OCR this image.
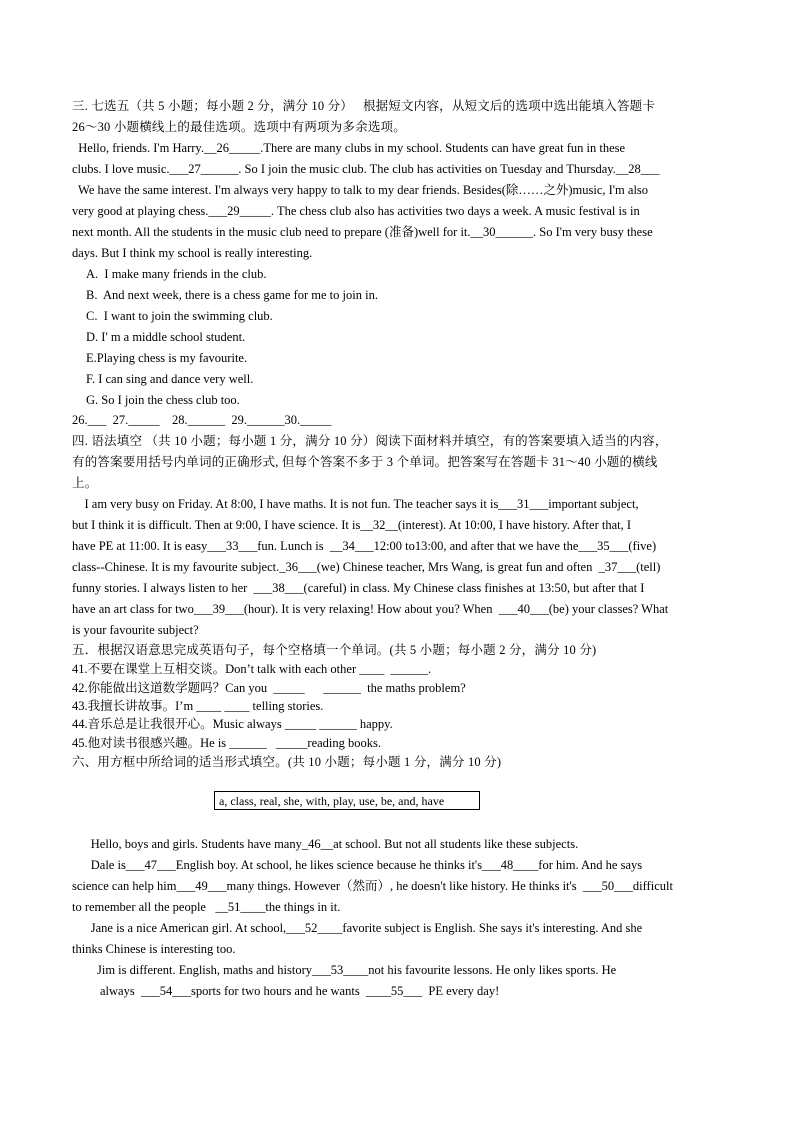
三. 七选五（共 5 小题；每小题 2 分，满分 10 分）   根据短文内容，从短文后的选项中选出能填入答题卡
26～30 小题横线上的最佳选项。选项中有两项为多余选项。
Hello, friends. I'm Harry.__26_____.There are many clubs in my school. Students can have great fun in these
clubs. I love music.___27______. So I join the music club. The club has activities on Tuesday and Thursday.__28___
We have the same interest. I'm always very happy to talk to my dear friends. Besides(除……之外)music, I'm also
very good at playing chess.___29_____. The chess club also has activities two days a week. A music festival is in
next month. All the students in the music club need to prepare (准备)well for it.__30______. So I'm very busy these
days. But I think my school is really interesting.
A.  I make many friends in the club.
B.  And next week, there is a chess game for me to join in.
C.  I want to join the swimming club.
D. I' m a middle school student.
E.Playing chess is my favourite.
F. I can sing and dance very well.
G. So I join the chess club too.
26.___  27._____    28.______  29.______30._____
四. 语法填空 （共 10 小题；每小题 1 分，满分 10 分）阅读下面材料并填空，有的答案要填入适当的内容，
有的答案要用括号内单词的正确形式, 但每个答案不多于 3 个单词。把答案写在答题卡 31～40 小题的横线
上。
I am very busy on Friday. At 8:00, I have maths. It is not fun. The teacher says it is___31___important subject,
but I think it is difficult. Then at 9:00, I have science. It is__32__(interest). At 10:00, I have history. After that, I
have PE at 11:00. It is easy___33___fun. Lunch is  __34___12:00 to13:00, and after that we have the___35___(five)
class--Chinese. It is my favourite subject._36___(we) Chinese teacher, Mrs Wang, is great fun and often  _37___(tell)
funny stories. I always listen to her  ___38___(careful) in class. My Chinese class finishes at 13:50, but after that I
have an art class for two___39___(hour). It is very relaxing! How about you? When  ___40___(be) your classes? What
is your favourite subject?
五．根据汉语意思完成英语句子，每个空格填一个单词。(共 5 小题；每小题 2 分，满分 10 分)
41.不要在课堂上互相交谈。Don’t talk with each other ____  ______.
42.你能做出这道数学题吗？Can you  _____      ______  the maths problem?
43.我擅长讲故事。I’m ____ ____ telling stories.
44.音乐总是让我很开心。Music always _____ ______ happy.
45.他对读书很感兴趣。He is ______   _____reading books.
六、用方框中所给词的适当形式填空。(共 10 小题；每小题 1 分，满分 10 分)
a, class, real, she, with, play, use, be, and, have
Hello, boys and girls. Students have many_46__at school. But not all students like these subjects.
Dale is___47___English boy. At school, he likes science because he thinks it's___48____for him. And he says
science can help him___49___many things. However（然而）, he doesn't like history. He thinks it's  ___50___difficult
to remember all the people   __51____the things in it.
Jane is a nice American girl. At school,___52____favorite subject is English. She says it's interesting. And she
thinks Chinese is interesting too.
Jim is different. English, maths and history___53____not his favourite lessons. He only likes sports. He
always  ___54___sports for two hours and he wants  ____55___  PE every day!
